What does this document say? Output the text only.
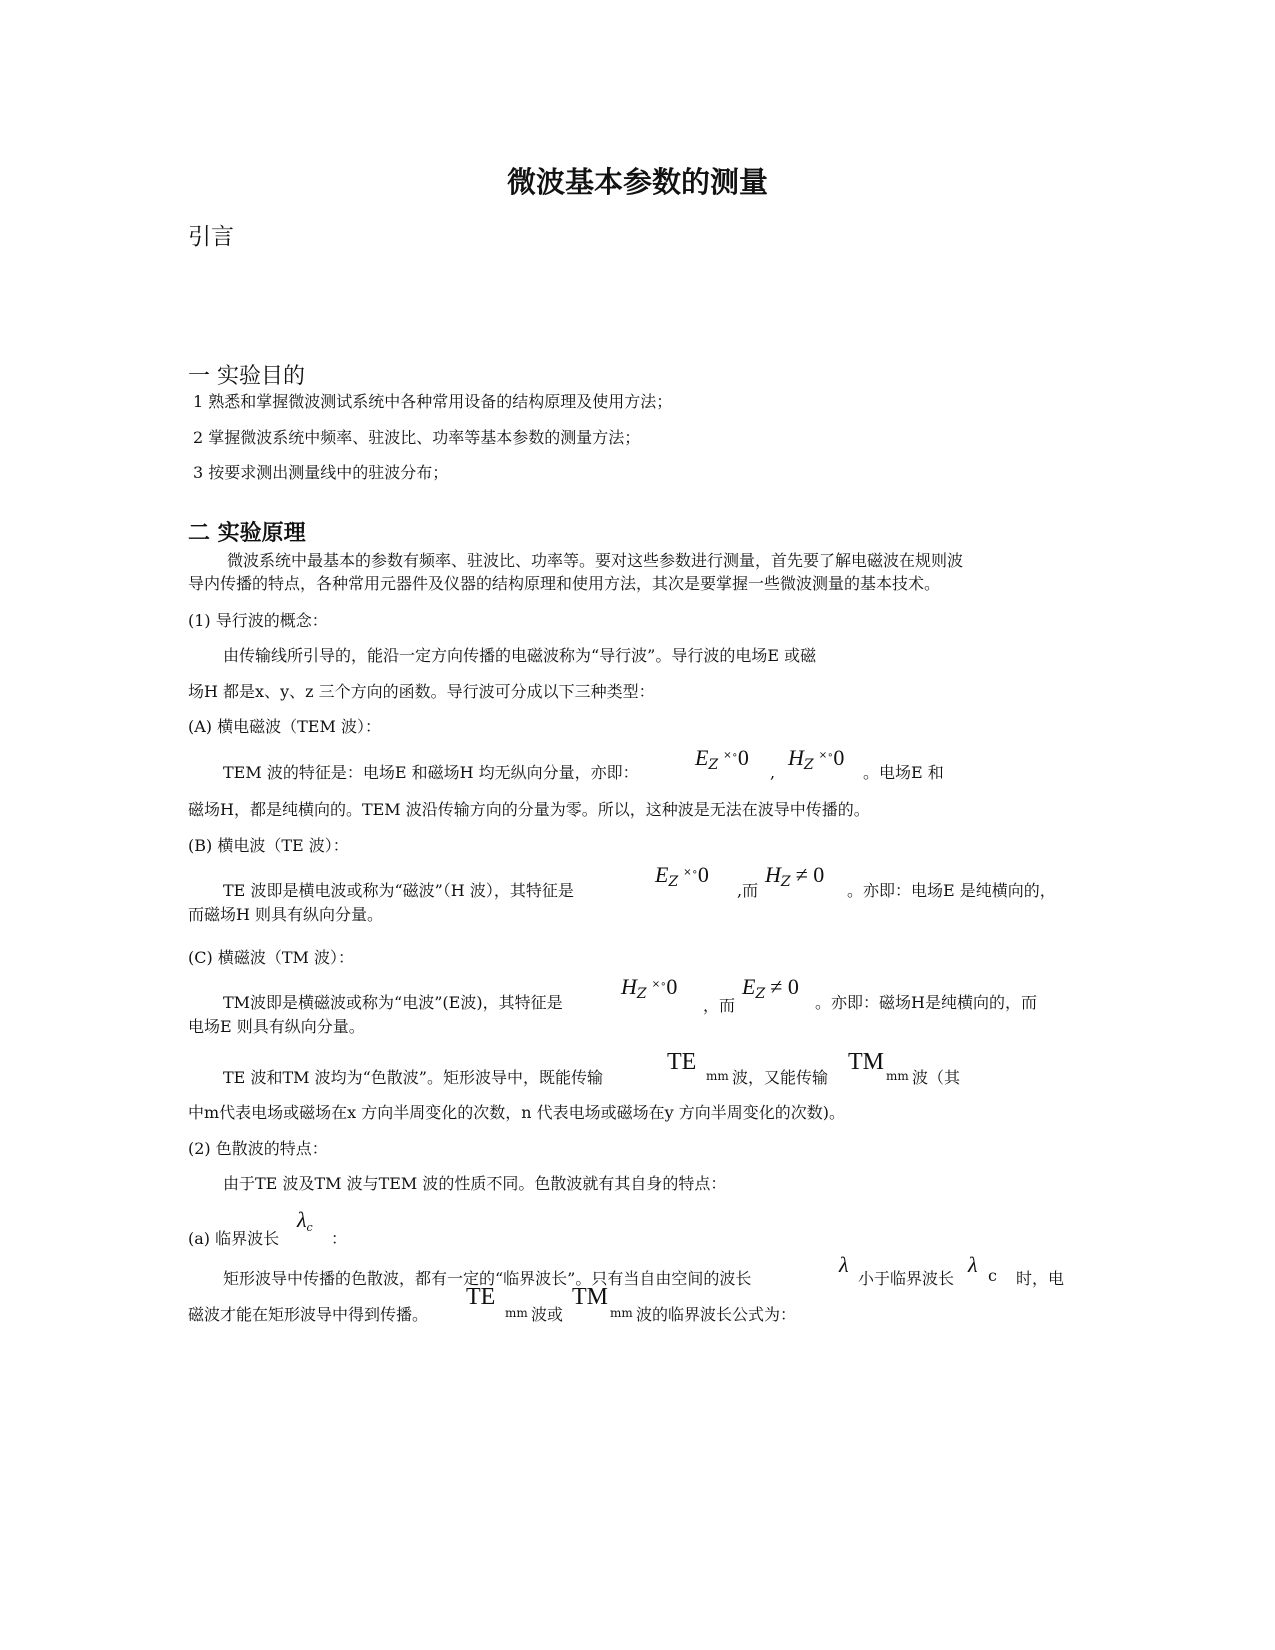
微波基本参数的测量
引言
一 实验目的
1 熟悉和掌握微波测试系统中各种常用设备的结构原理及使用方法；
2 掌握微波系统中频率、驻波比、功率等基本参数的测量方法；
3 按要求测出测量线中的驻波分布；
二 实验原理
微波系统中最基本的参数有频率、驻波比、功率等。要对这些参数进行测量，首先要了解电磁波在规则波
导内传播的特点，各种常用元器件及仪器的结构原理和使用方法，其次是要掌握一些微波测量的基本技术。
(1) 导行波的概念：
由传输线所引导的，能沿一定方向传播的电磁波称为“导行波”。导行波的电场E 或磁
场H 都是x、y、z 三个方向的函数。导行波可分成以下三种类型：
(A) 横电磁波（TEM 波）：
TEM 波的特征是：电场E 和磁场H 均无纵向分量，亦即：
EZ ×∘0
,
HZ ×∘0
。电场E 和
磁场H，都是纯横向的。TEM 波沿传输方向的分量为零。所以，这种波是无法在波导中传播的。
(B) 横电波（TE 波）：
TE 波即是横电波或称为“磁波”（H 波），其特征是
EZ ×∘0
,而
HZ ≠ 0
。亦即：电场E 是纯横向的，
而磁场H 则具有纵向分量。
(C) 横磁波（TM 波）：
TM波即是横磁波或称为“电波”(E波)，其特征是
HZ ×∘0
，而
EZ ≠ 0
。亦即：磁场H是纯横向的，而
电场E 则具有纵向分量。
TE 波和TM 波均为“色散波”。矩形波导中，既能传输
TE
mm 波，又能传输
TM
mm 波（其
中m代表电场或磁场在x 方向半周变化的次数，n 代表电场或磁场在y 方向半周变化的次数)。
(2) 色散波的特点：
由于TE 波及TM 波与TEM 波的性质不同。色散波就有其自身的特点：
(a) 临界波长
$\lambda_c$
：
矩形波导中传播的色散波，都有一定的“临界波长”。只有当自由空间的波长
λ
小于临界波长
λ c 时，电
磁波才能在矩形波导中得到传播。
TE
mm 波或
TM
mm 波的临界波长公式为：
